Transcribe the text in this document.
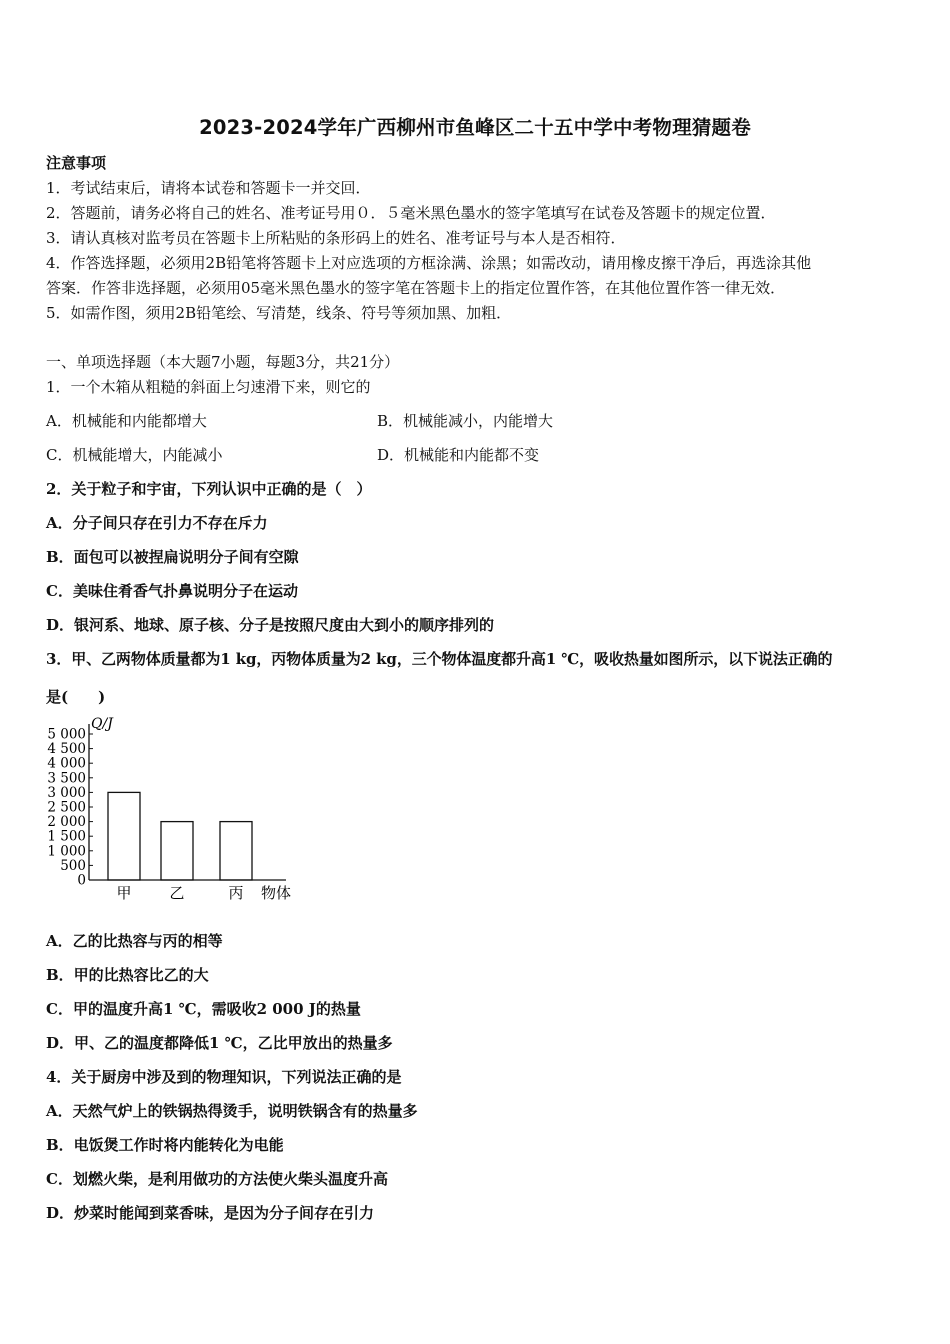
2023-2024学年广西柳州市鱼峰区二十五中学中考物理猜题卷
注意事项
1．考试结束后，请将本试卷和答题卡一并交回．
2．答题前，请务必将自己的姓名、准考证号用０．５毫米黑色墨水的签字笔填写在试卷及答题卡的规定位置．
3．请认真核对监考员在答题卡上所粘贴的条形码上的姓名、准考证号与本人是否相符．
4．作答选择题，必须用2B铅笔将答题卡上对应选项的方框涂满、涂黑；如需改动，请用橡皮擦干净后，再选涂其他
答案．作答非选择题，必须用05毫米黑色墨水的签字笔在答题卡上的指定位置作答，在其他位置作答一律无效．
5．如需作图，须用2B铅笔绘、写清楚，线条、符号等须加黑、加粗．
一、单项选择题（本大题7小题，每题3分，共21分）
1．一个木箱从粗糙的斜面上匀速滑下来，则它的
A．机械能和内能都增大	B．机械能减小，内能增大
C．机械能增大，内能减小	D．机械能和内能都不变
2．关于粒子和宇宙，下列认识中正确的是（　）
A．分子间只存在引力不存在斥力
B．面包可以被捏扁说明分子间有空隙
C．美味住肴香气扑鼻说明分子在运动
D．银河系、地球、原子核、分子是按照尺度由大到小的顺序排列的
3．甲、乙两物体质量都为1 kg，丙物体质量为2 kg，三个物体温度都升高1 ℃，吸收热量如图所示，以下说法正确的
是(　　)
0
500
1 000
1 500
2 000
2 500
3 000
3 500
4 000
4 500
5 000
甲	乙	丙
Q/J
物体
A．乙的比热容与丙的相等
B．甲的比热容比乙的大
C．甲的温度升高1 ℃，需吸收2 000 J的热量
D．甲、乙的温度都降低1 ℃，乙比甲放出的热量多
4．关于厨房中涉及到的物理知识，下列说法正确的是
A．天然气炉上的铁锅热得烫手，说明铁锅含有的热量多
B．电饭煲工作时将内能转化为电能
C．划燃火柴，是利用做功的方法使火柴头温度升高
D．炒菜时能闻到菜香味，是因为分子间存在引力
